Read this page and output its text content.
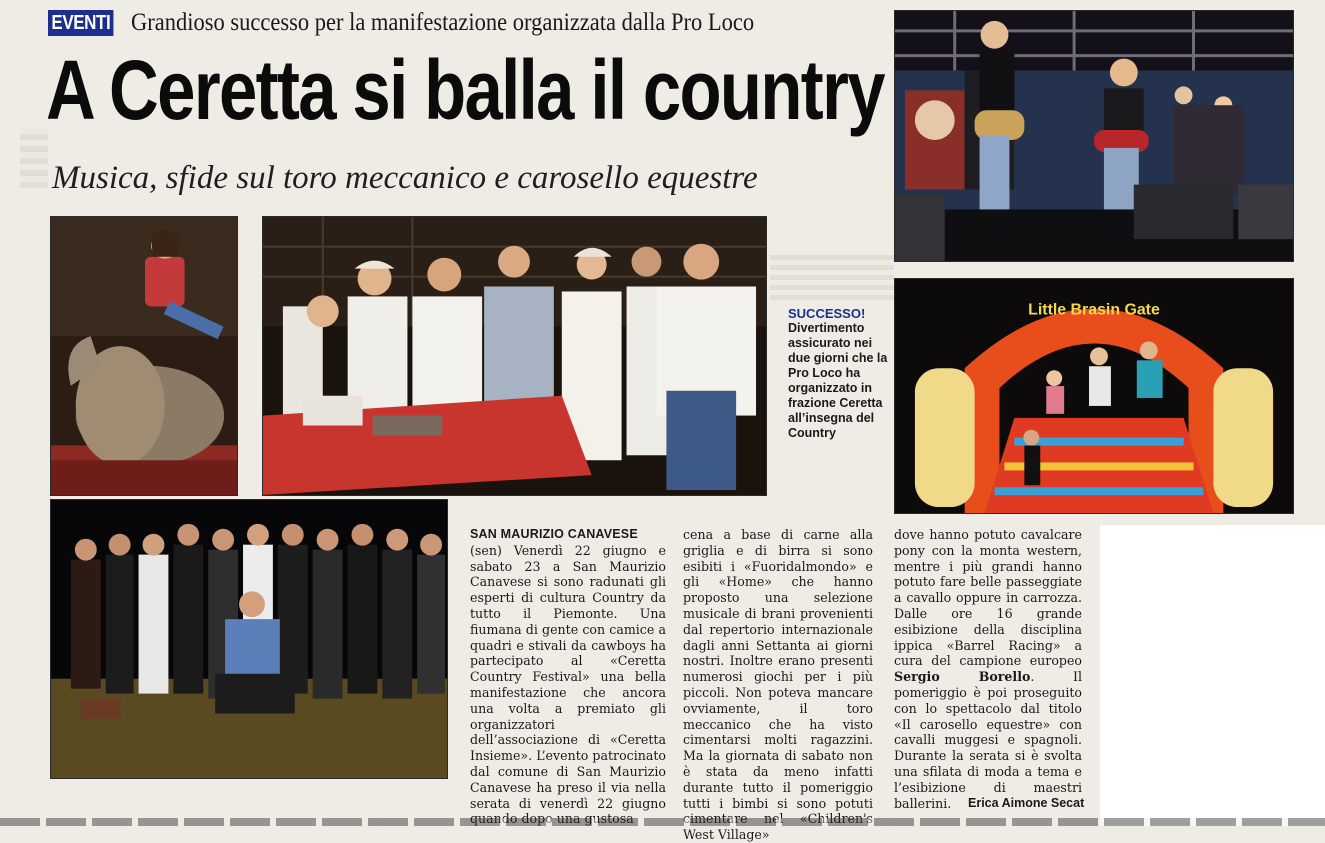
EVENTI Grandioso successo per la manifestazione organizzata dalla Pro Loco
A Ceretta si balla il country
Musica, sfide sul toro meccanico e carosello equestre
SUCCESSO!
Divertimento assicurato nei due giorni che la Pro Loco ha organizzato in frazione Ceretta all’insegna del Country
Little Brasin Gate
SAN MAURIZIO CANAVESE
(sen) Venerdì 22 giugno e sabato 23 a San Maurizio Canavese si sono radunati gli esperti di cultura Country da tutto il Piemonte. Una fiumana di gente con camice a quadri e stivali da cawboys ha partecipato al «Ceretta Country Festival» una bella manifestazione che ancora una volta a premiato gli organizzatori dell’associazione di «Ceretta Insieme». L’evento patrocinato dal comune di San Maurizio Canavese ha preso il via nella serata di venerdì 22 giugno quando dopo una gustosa
cena a base di carne alla griglia e di birra si sono esibiti i «Fuoridalmondo» e gli «Home» che hanno proposto una selezione musicale di brani provenienti dal repertorio internazionale dagli anni Settanta ai giorni nostri. Inoltre erano presenti numerosi giochi per i più piccoli. Non poteva mancare ovviamente, il toro meccanico che ha visto cimentarsi molti ragazzini. Ma la giornata di sabato non è stata da meno infatti durante tutto il pomeriggio tutti i bimbi si sono potuti cimentare nel «Children's West Village»
dove hanno potuto cavalcare pony con la monta western, mentre i più grandi hanno potuto fare belle passeggiate a cavallo oppure in carrozza. Dalle ore 16 grande esibizione della disciplina ippica «Barrel Racing» a cura del campione europeo Sergio Borello. Il pomeriggio è poi proseguito con lo spettacolo dal titolo «Il carosello equestre» con cavalli muggesi e spagnoli. Durante la serata si è svolta una sfilata di moda a tema e l’esibizione di maestri ballerini.	Erica Aimone Secat
